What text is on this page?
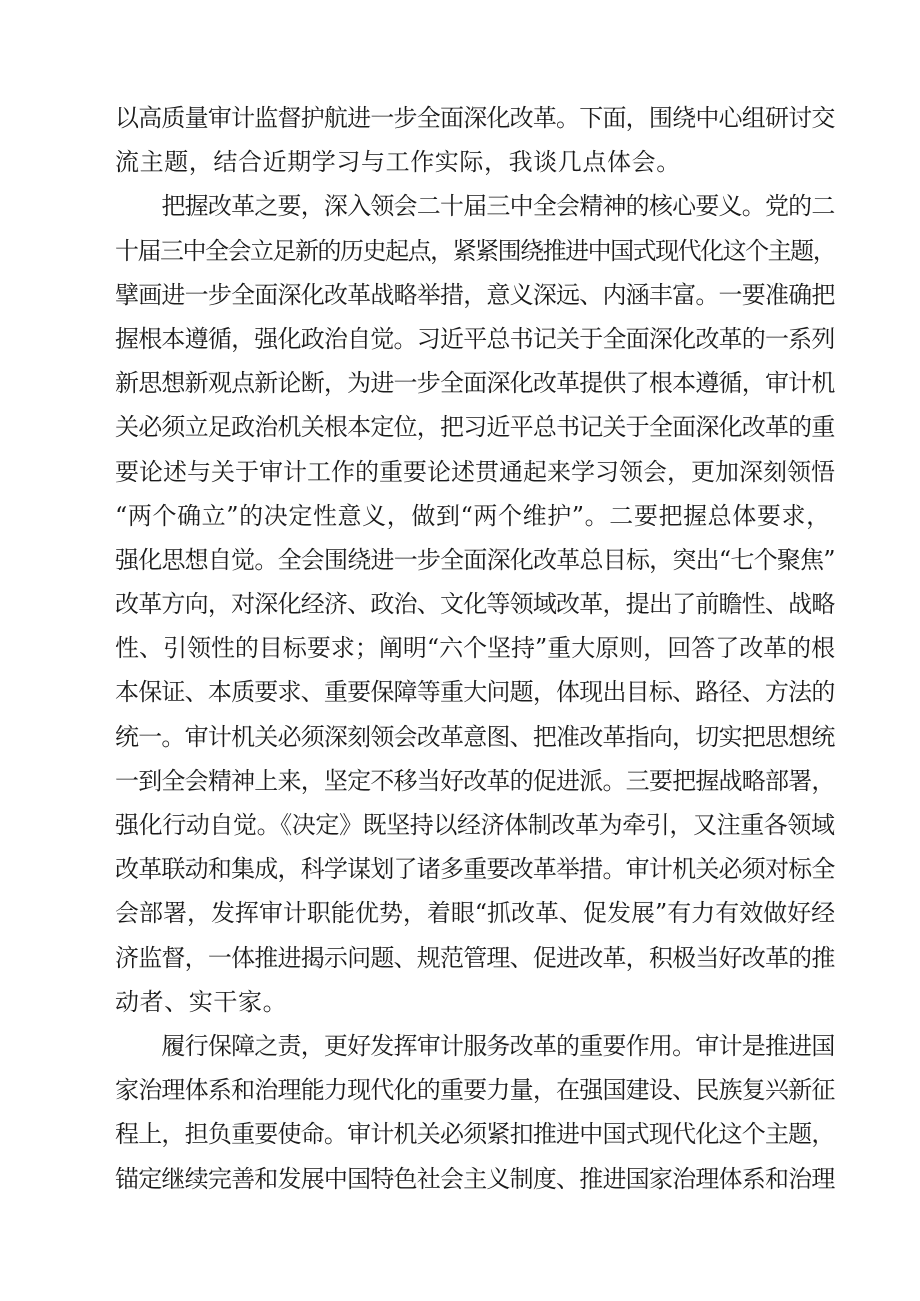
以高质量审计监督护航进一步全面深化改革。下面，围绕中心组研讨交
流主题，结合近期学习与工作实际，我谈几点体会。
　　把握改革之要，深入领会二十届三中全会精神的核心要义。党的二
十届三中全会立足新的历史起点，紧紧围绕推进中国式现代化这个主题，
擘画进一步全面深化改革战略举措，意义深远、内涵丰富。一要准确把
握根本遵循，强化政治自觉。习近平总书记关于全面深化改革的一系列
新思想新观点新论断，为进一步全面深化改革提供了根本遵循，审计机
关必须立足政治机关根本定位，把习近平总书记关于全面深化改革的重
要论述与关于审计工作的重要论述贯通起来学习领会，更加深刻领悟
“两个确立”的决定性意义，做到“两个维护”。二要把握总体要求，
强化思想自觉。全会围绕进一步全面深化改革总目标，突出“七个聚焦”
改革方向，对深化经济、政治、文化等领域改革，提出了前瞻性、战略
性、引领性的目标要求；阐明“六个坚持”重大原则，回答了改革的根
本保证、本质要求、重要保障等重大问题，体现出目标、路径、方法的
统一。审计机关必须深刻领会改革意图、把准改革指向，切实把思想统
一到全会精神上来，坚定不移当好改革的促进派。三要把握战略部署，
强化行动自觉。《决定》既坚持以经济体制改革为牵引，又注重各领域
改革联动和集成，科学谋划了诸多重要改革举措。审计机关必须对标全
会部署，发挥审计职能优势，着眼“抓改革、促发展”有力有效做好经
济监督，一体推进揭示问题、规范管理、促进改革，积极当好改革的推
动者、实干家。
　　履行保障之责，更好发挥审计服务改革的重要作用。审计是推进国
家治理体系和治理能力现代化的重要力量，在强国建设、民族复兴新征
程上，担负重要使命。审计机关必须紧扣推进中国式现代化这个主题，
锚定继续完善和发展中国特色社会主义制度、推进国家治理体系和治理
